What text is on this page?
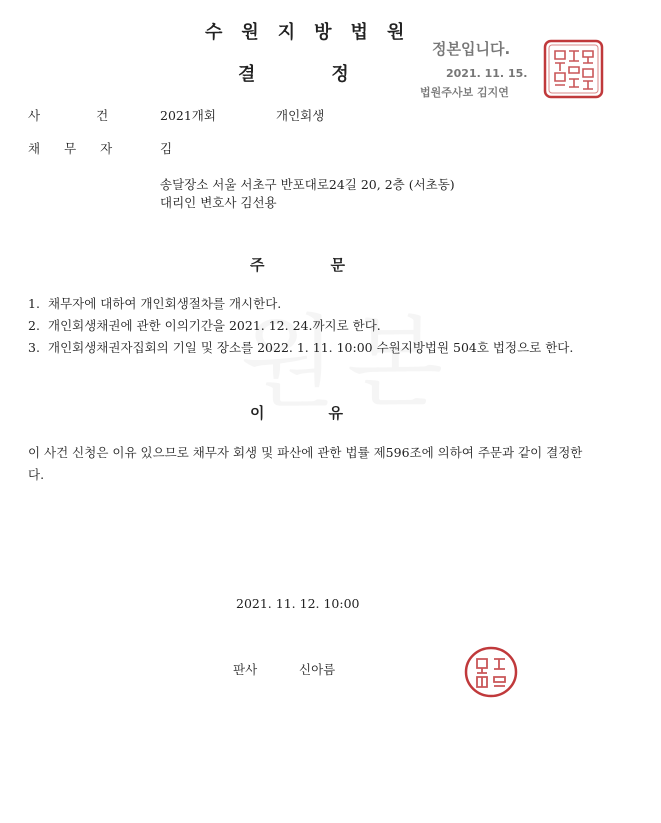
수원지방법원
결정
정본입니다.
2021. 11. 15.
법원주사보 김지연
사건
2021개회	개인회생
채무자 김
송달장소 서울 서초구 반포대로24길 20, 2층 (서초동)
대리인 변호사 김선용
주문
1. 채무자에 대하여 개인회생절차를 개시한다.
2. 개인회생채권에 관한 이의기간을 2021. 12. 24.까지로 한다.
3. 개인회생채권자집회의 기일 및 장소를 2022. 1. 11. 10:00 수원지방법원 504호 법정으로 한다.
이유
이 사건 신청은 이유 있으므로 채무자 회생 및 파산에 관한 법률 제596조에 의하여 주문과 같이 결정한다.
2021. 11. 12. 10:00
판사	신아름
